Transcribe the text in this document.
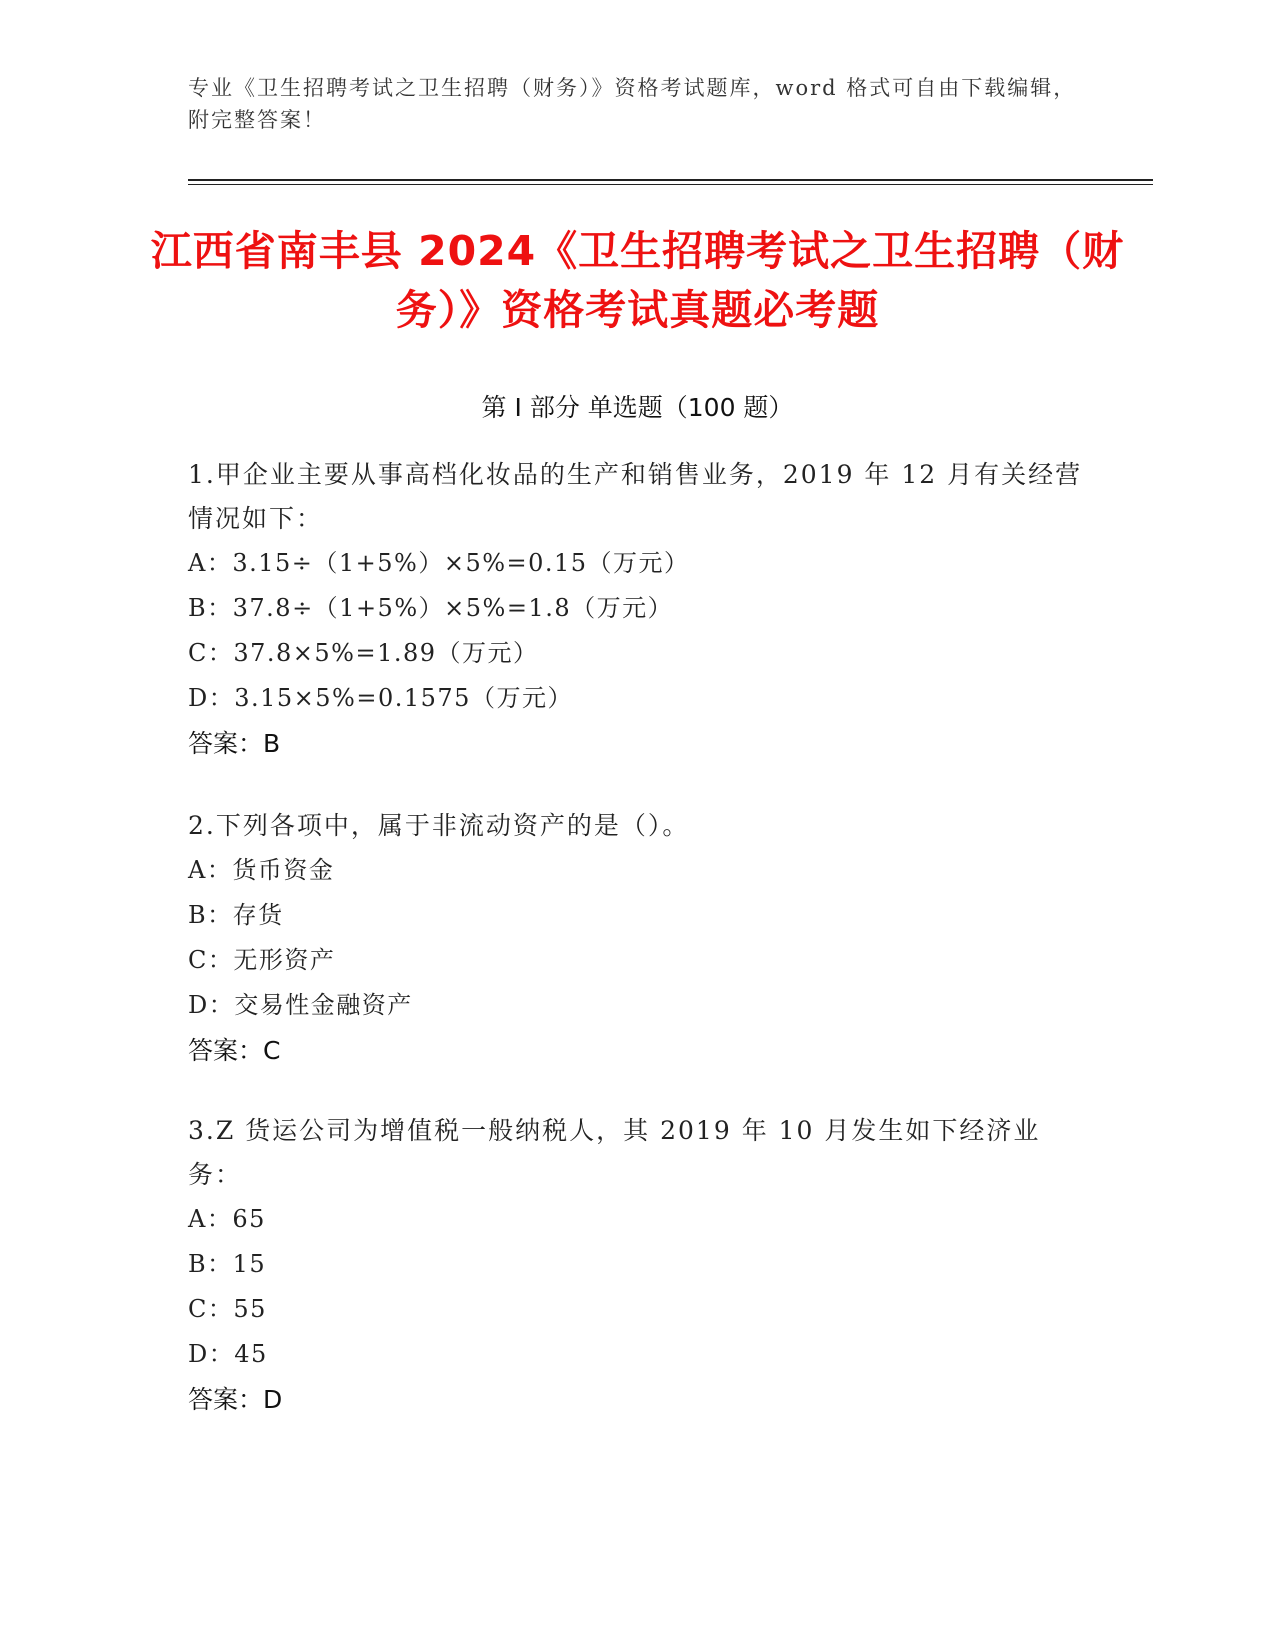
专业《卫生招聘考试之卫生招聘（财务）》资格考试题库，word 格式可自由下载编辑，附完整答案！
江西省南丰县 2024《卫生招聘考试之卫生招聘（财务）》资格考试真题必考题
第 I 部分 单选题（100 题）
1.甲企业主要从事高档化妆品的生产和销售业务，2019 年 12 月有关经营情况如下：
A：3.15÷（1+5%）×5%=0.15（万元）
B：37.8÷（1+5%）×5%=1.8（万元）
C：37.8×5%=1.89（万元）
D：3.15×5%=0.1575（万元）
答案：B
2.下列各项中，属于非流动资产的是（）。
A：货币资金
B：存货
C：无形资产
D：交易性金融资产
答案：C
3.Z 货运公司为增值税一般纳税人，其 2019 年 10 月发生如下经济业务：
A：65
B：15
C：55
D：45
答案：D
